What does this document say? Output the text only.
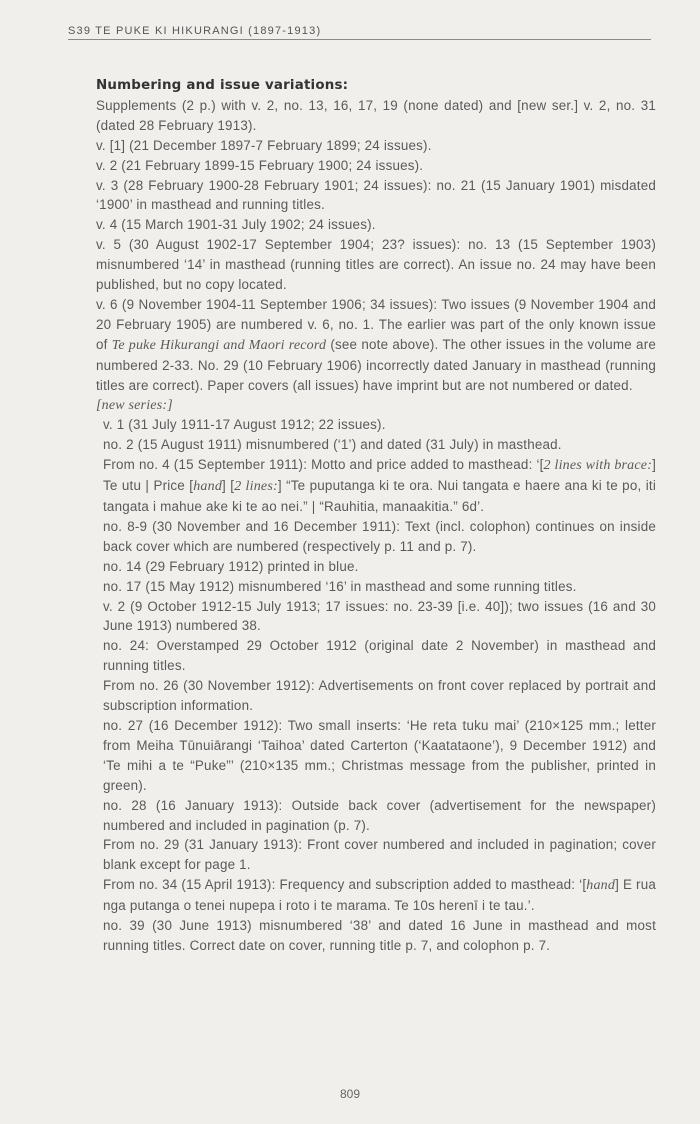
S39 TE PUKE KI HIKURANGI (1897-1913)
Numbering and issue variations:
Supplements (2 p.) with v. 2, no. 13, 16, 17, 19 (none dated) and [new ser.] v. 2, no. 31 (dated 28 February 1913).
v. [1] (21 December 1897-7 February 1899; 24 issues).
v. 2 (21 February 1899-15 February 1900; 24 issues).
v. 3 (28 February 1900-28 February 1901; 24 issues): no. 21 (15 January 1901) misdated ‘1900’ in masthead and running titles.
v. 4 (15 March 1901-31 July 1902; 24 issues).
v. 5 (30 August 1902-17 September 1904; 23? issues): no. 13 (15 September 1903) misnumbered ‘14’ in masthead (running titles are correct). An issue no. 24 may have been published, but no copy located.
v. 6 (9 November 1904-11 September 1906; 34 issues): Two issues (9 November 1904 and 20 February 1905) are numbered v. 6, no. 1. The earlier was part of the only known issue of Te puke Hikurangi and Maori record (see note above). The other issues in the volume are numbered 2-33. No. 29 (10 February 1906) incorrectly dated January in masthead (running titles are correct). Paper covers (all issues) have imprint but are not numbered or dated.
[new series:]
v. 1 (31 July 1911-17 August 1912; 22 issues).
no. 2 (15 August 1911) misnumbered (‘1’) and dated (31 July) in masthead.
From no. 4 (15 September 1911): Motto and price added to masthead: ‘[2 lines with brace:] Te utu | Price [hand] [2 lines:] “Te puputanga ki te ora. Nui tangata e haere ana ki te po, iti tangata i mahue ake ki te ao nei.” | “Rauhitia, manaakitia.” 6d’.
no. 8-9 (30 November and 16 December 1911): Text (incl. colophon) continues on inside back cover which are numbered (respectively p. 11 and p. 7).
no. 14 (29 February 1912) printed in blue.
no. 17 (15 May 1912) misnumbered ‘16’ in masthead and some running titles.
v. 2 (9 October 1912-15 July 1913; 17 issues: no. 23-39 [i.e. 40]); two issues (16 and 30 June 1913) numbered 38.
no. 24: Overstamped 29 October 1912 (original date 2 November) in masthead and running titles.
From no. 26 (30 November 1912): Advertisements on front cover replaced by portrait and subscription information.
no. 27 (16 December 1912): Two small inserts: ‘He reta tuku mai’ (210×125 mm.; letter from Meiha Tūnuiārangi ‘Taihoa’ dated Carterton (‘Kaatataone’), 9 December 1912) and ‘Te mihi a te “Puke”’ (210×135 mm.; Christmas message from the publisher, printed in green).
no. 28 (16 January 1913): Outside back cover (advertisement for the newspaper) numbered and included in pagination (p. 7).
From no. 29 (31 January 1913): Front cover numbered and included in pagination; cover blank except for page 1.
From no. 34 (15 April 1913): Frequency and subscription added to masthead: ‘[hand] E rua nga putanga o tenei nupepa i roto i te marama. Te 10s herenī i te tau.’.
no. 39 (30 June 1913) misnumbered ‘38’ and dated 16 June in masthead and most running titles. Correct date on cover, running title p. 7, and colophon p. 7.
809
